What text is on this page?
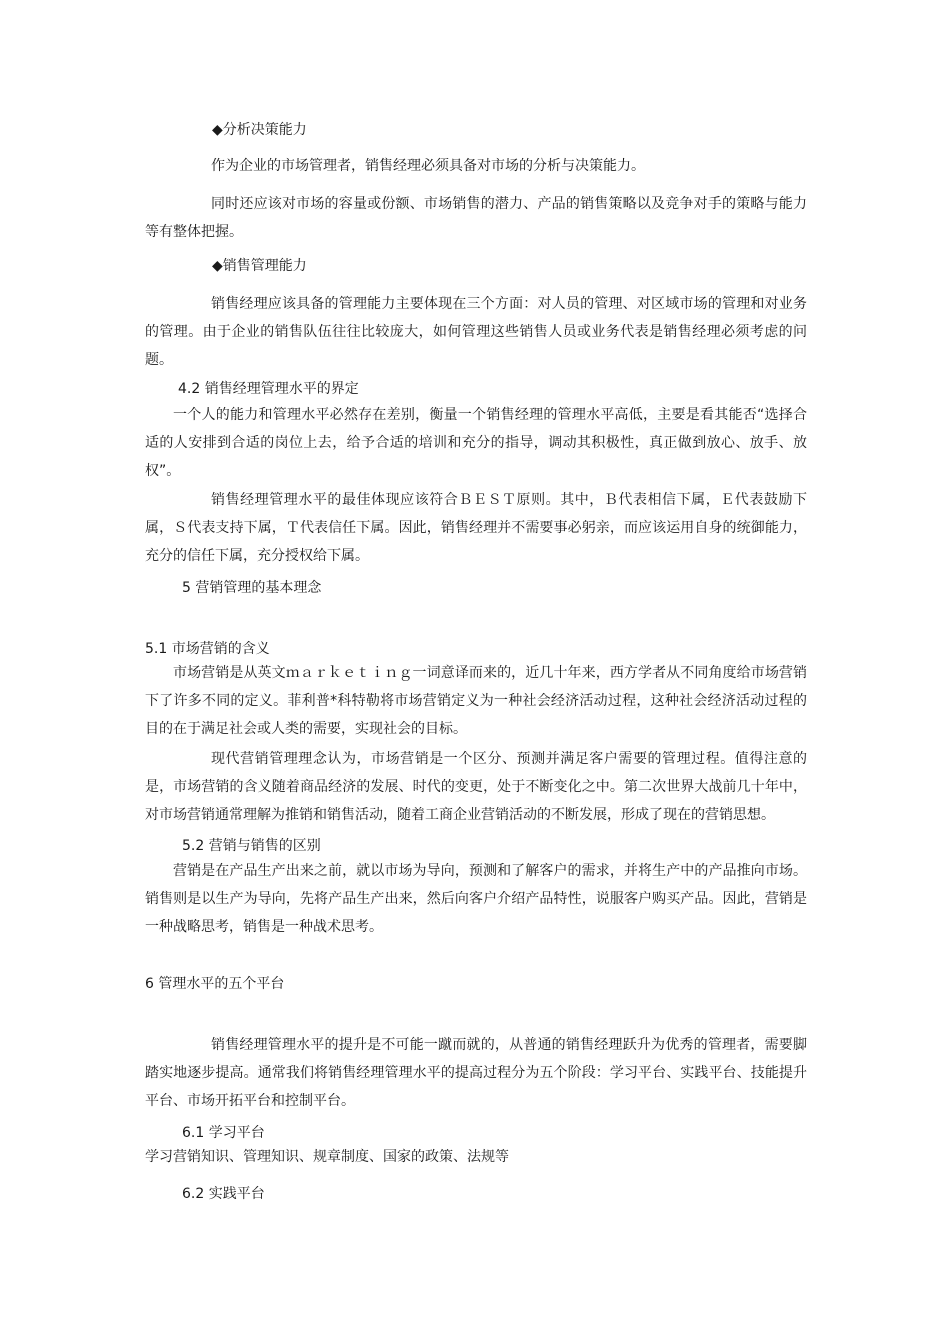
◆分析决策能力

作为企业的市场管理者，销售经理必须具备对市场的分析与决策能力。

同时还应该对市场的容量或份额、市场销售的潜力、产品的销售策略以及竞争对手的策略与能力等有整体把握。

◆销售管理能力

销售经理应该具备的管理能力主要体现在三个方面：对人员的管理、对区域市场的管理和对业务的管理。由于企业的销售队伍往往比较庞大，如何管理这些销售人员或业务代表是销售经理必须考虑的问题。

4.2 销售经理管理水平的界定

一个人的能力和管理水平必然存在差别，衡量一个销售经理的管理水平高低，主要是看其能否“选择合适的人安排到合适的岗位上去，给予合适的培训和充分的指导，调动其积极性，真正做到放心、放手、放权”。

销售经理管理水平的最佳体现应该符合ＢＥＳＴ原则。其中，Ｂ代表相信下属，Ｅ代表鼓励下属，Ｓ代表支持下属，Ｔ代表信任下属。因此，销售经理并不需要事必躬亲，而应该运用自身的统御能力，充分的信任下属，充分授权给下属。

5 营销管理的基本理念

5.1 市场营销的含义

市场营销是从英文ｍａｒｋｅｔｉｎｇ一词意译而来的，近几十年来，西方学者从不同角度给市场营销下了许多不同的定义。菲利普*科特勒将市场营销定义为一种社会经济活动过程，这种社会经济活动过程的目的在于满足社会或人类的需要，实现社会的目标。

现代营销管理理念认为，市场营销是一个区分、预测并满足客户需要的管理过程。值得注意的是，市场营销的含义随着商品经济的发展、时代的变更，处于不断变化之中。第二次世界大战前几十年中，对市场营销通常理解为推销和销售活动，随着工商企业营销活动的不断发展，形成了现在的营销思想。

5.2 营销与销售的区别

营销是在产品生产出来之前，就以市场为导向，预测和了解客户的需求，并将生产中的产品推向市场。销售则是以生产为导向，先将产品生产出来，然后向客户介绍产品特性，说服客户购买产品。因此，营销是一种战略思考，销售是一种战术思考。

6 管理水平的五个平台

销售经理管理水平的提升是不可能一蹴而就的，从普通的销售经理跃升为优秀的管理者，需要脚踏实地逐步提高。通常我们将销售经理管理水平的提高过程分为五个阶段：学习平台、实践平台、技能提升平台、市场开拓平台和控制平台。

6.1 学习平台

学习营销知识、管理知识、规章制度、国家的政策、法规等

6.2 实践平台
